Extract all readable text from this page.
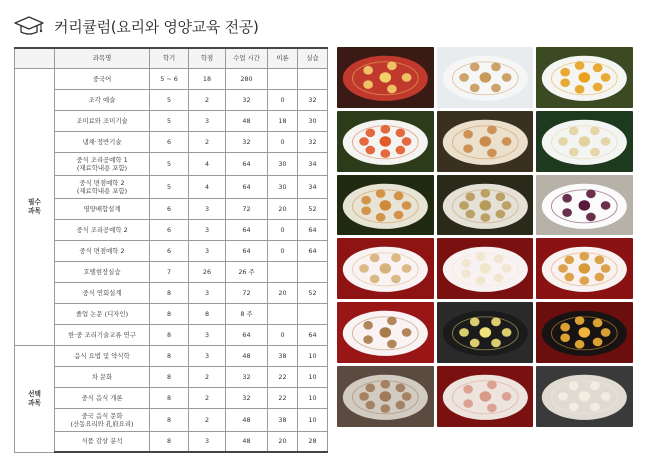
커리큘럼(요리와 영양교육 전공)
	과목명	학기	학점	수업 시간	이론	실습

필수
과목	중국어	5 ~ 6	18	280		

	조각 예술	5	2	32	0	32

	조미료와 조미기술	5	3	48	18	30

	냄채·정반기술	6	2	32	0	32

	중식 조리공예학 1
(재료학내용 포함)	5	4	64	30	34

	중식 면점예학 2
(재료학내용 포함)	5	4	64	30	34

	영양배합설계	6	3	72	20	52

	중식 조리공예학 2	6	3	64	0	64

	중식 면점예학 2	6	3	64	0	64

	호텔현장실습	7	26	26 주		

	중식 연회설계	8	3	72	20	52

	졸업 논문 (디자인)	8	8	8 주		

	한·중 조리기술교류 연구	8	3	64	0	64

선택
과목	음식 요법 및 약식학	8	3	48	38	10

	차 문화	8	2	32	22	10

	중식 음식 개론	8	2	32	22	10

	중국 음식 문화
(산동요리와 孔府요리)	8	2	48	38	10

	식품 감상 분석	8	3	48	20	28
